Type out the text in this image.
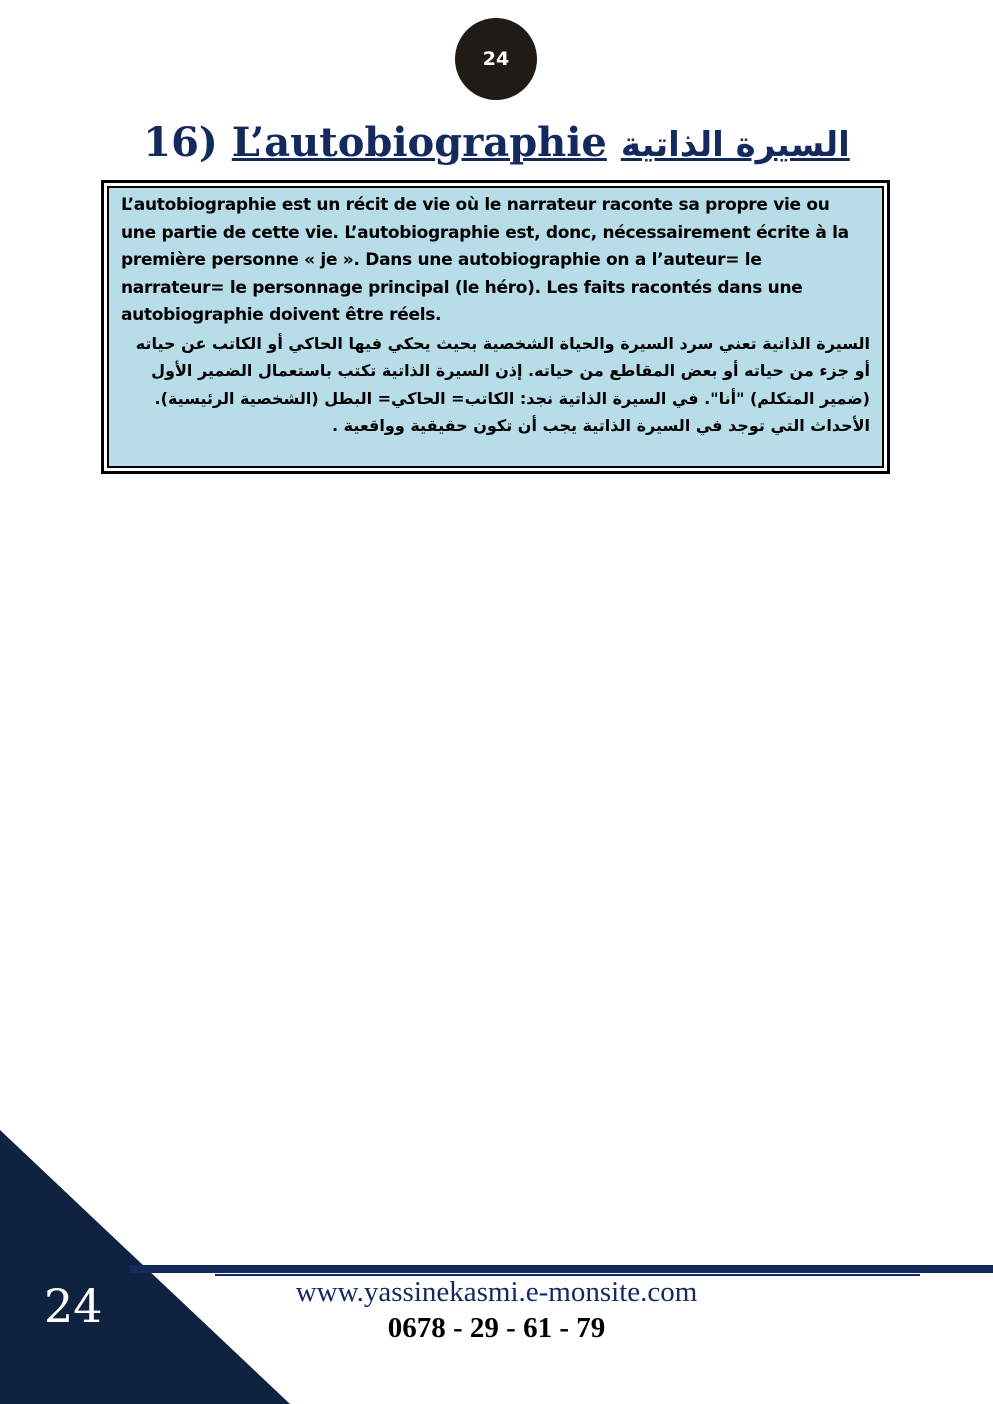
24
16) L’autobiographie السيرة الذاتية

L’autobiographie est un récit de vie où le narrateur raconte sa propre vie ou une partie de cette vie. L’autobiographie est, donc, nécessairement écrite à la première personne « je ». Dans une autobiographie on a l’auteur= le narrateur= le personnage principal (le héro). Les faits racontés dans une autobiographie doivent être réels.

السيرة الذاتية تعني سرد السيرة والحياة الشخصية بحيث يحكي فيها الحاكي أو الكاتب عن حياته أو جزء من حياته أو بعض المقاطع من حياته. إذن السيرة الذاتية تكتب باستعمال الضمير الأول (ضمير المتكلم) "أنا". في السيرة الذاتية نجد: الكاتب= الحاكي= البطل (الشخصية الرئيسية). الأحداث التي توجد في السيرة الذاتية يجب أن تكون حقيقية وواقعية .

24	www.yassinekasmi.e-monsite.com
0678 - 29 - 61 - 79
